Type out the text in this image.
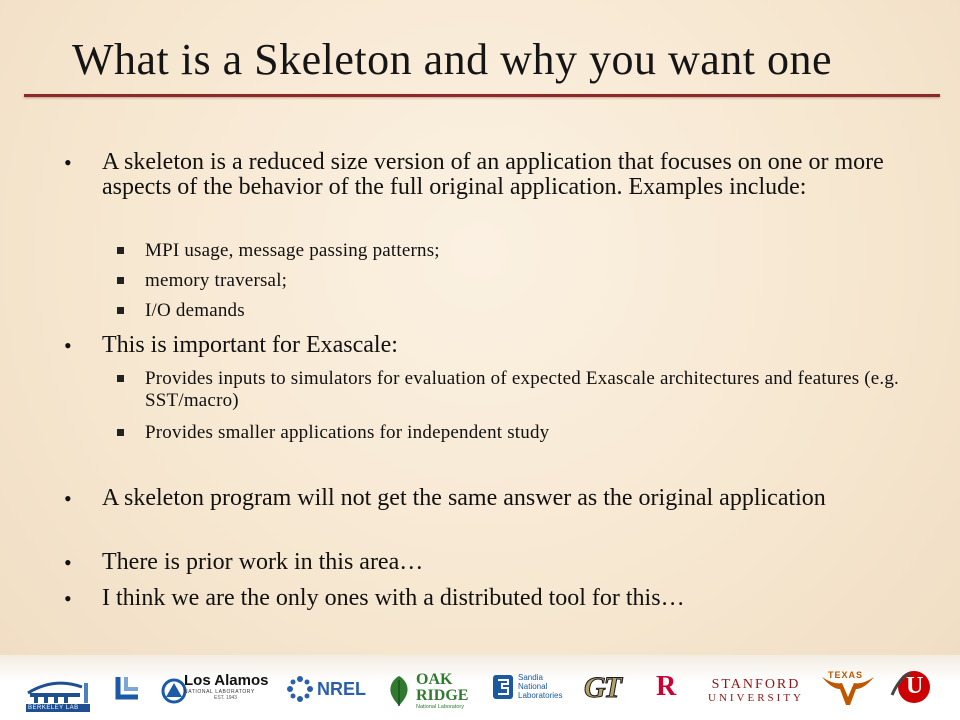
What is a Skeleton and why you want one
• A skeleton is a reduced size version of an application that focuses on one or more aspects of the behavior of the full original application. Examples include:
MPI usage, message passing patterns;
memory traversal;
I/O demands
• This is important for Exascale:
Provides inputs to simulators for evaluation of expected Exascale architectures and features (e.g. SST/macro)
Provides smaller applications for independent study
• A skeleton program will not get the same answer as the original application
• There is prior work in this area…
• I think we are the only ones with a distributed tool for this…
BERKELEY LAB
Los Alamos
NATIONAL LABORATORY
EST. 1943	NREL	OAK RIDGE
National Laboratory
Sandia
National
Laboratories GT R	STANFORD
UNIVERSITY
TEXAS U
